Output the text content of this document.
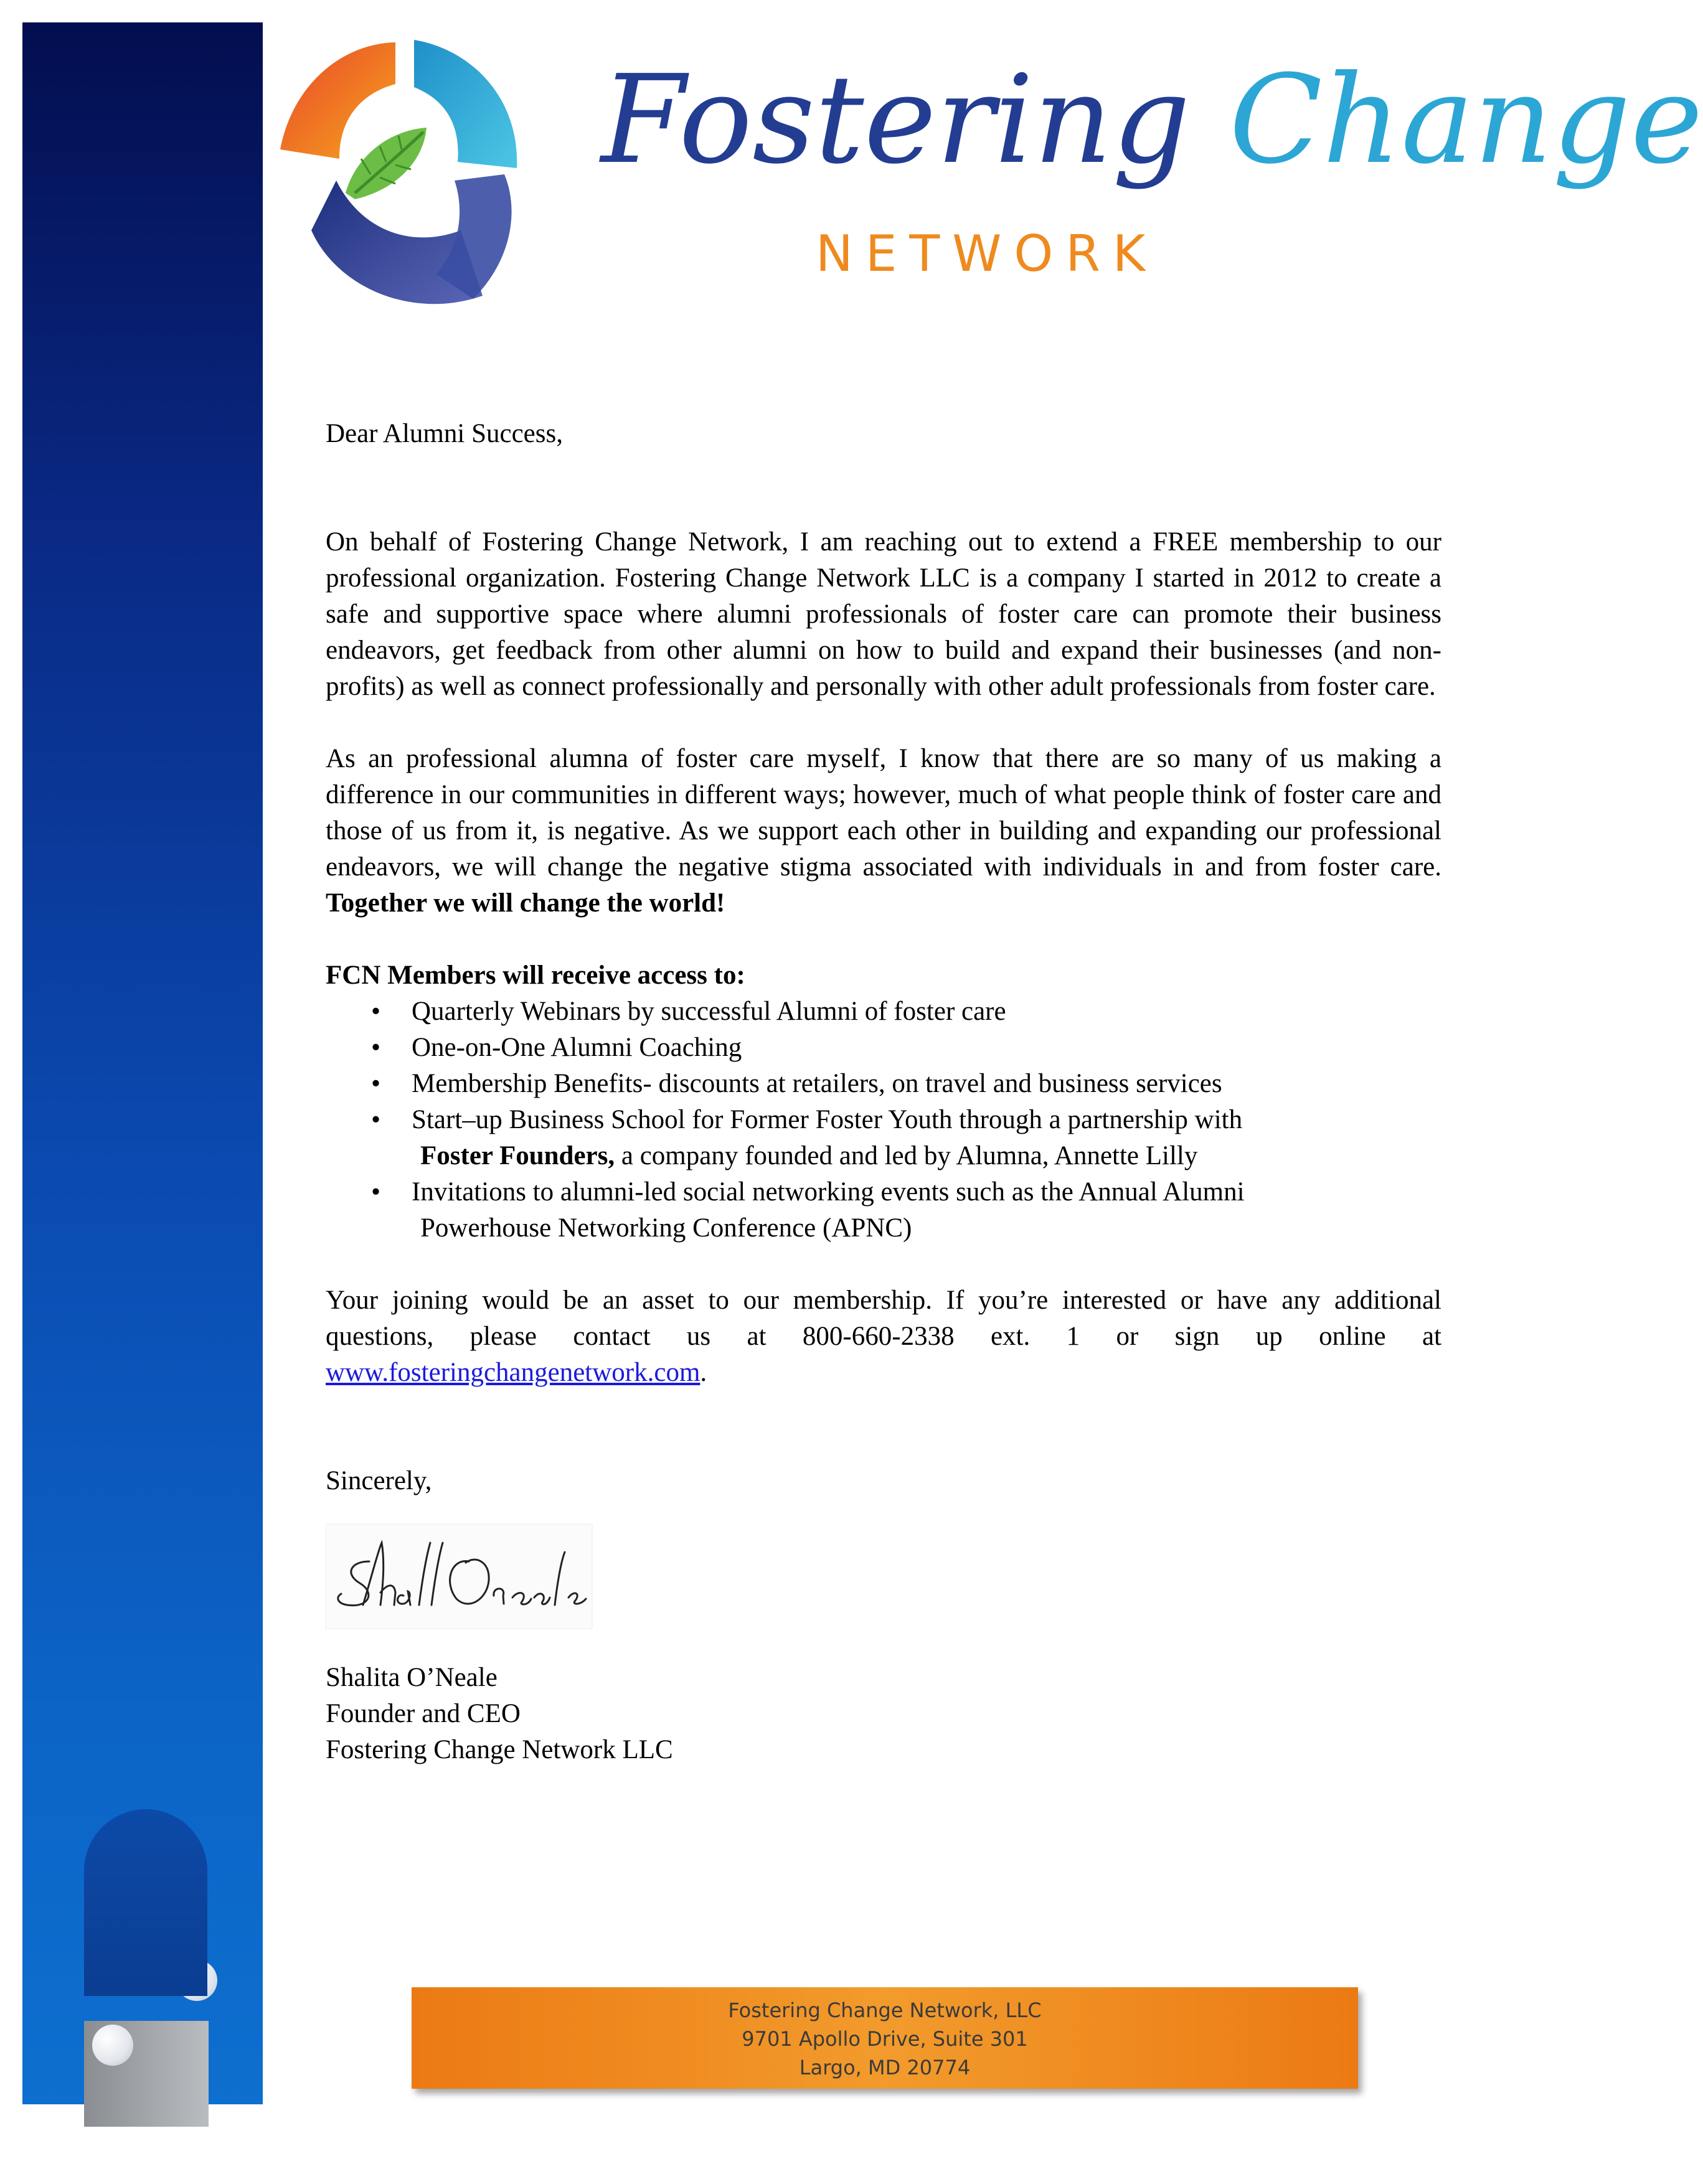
Fostering Change
NETWORK

Dear Alumni Success,

On behalf of Fostering Change Network, I am reaching out to extend a FREE membership to our professional organization. Fostering Change Network LLC is a company I started in 2012 to create a safe and supportive space where alumni professionals of foster care can promote their business endeavors, get feedback from other alumni on how to build and expand their businesses (and non-profits) as well as connect professionally and personally with other adult professionals from foster care.

As an professional alumna of foster care myself, I know that there are so many of us making a difference in our communities in different ways; however, much of what people think of foster care and those of us from it, is negative. As we support each other in building and expanding our professional endeavors, we will change the negative stigma associated with individuals in and from foster care. Together we will change the world!

FCN Members will receive access to:

• Quarterly Webinars by successful Alumni of foster care
• One-on-One Alumni Coaching
• Membership Benefits- discounts at retailers, on travel and business services
• Start–up Business School for Former Foster Youth through a partnership with
Foster Founders, a company founded and led by Alumna, Annette Lilly
• Invitations to alumni-led social networking events such as the Annual Alumni
Powerhouse Networking Conference (APNC)

Your joining would be an asset to our membership. If you’re interested or have any additional questions, please contact us at 800-660-2338 ext. 1 or sign up online at www.fosteringchangenetwork.com.

Sincerely,

Shalita O’Neale

Founder and CEO

Fostering Change Network LLC

Fostering Change Network, LLC
9701 Apollo Drive, Suite 301
Largo, MD 20774
